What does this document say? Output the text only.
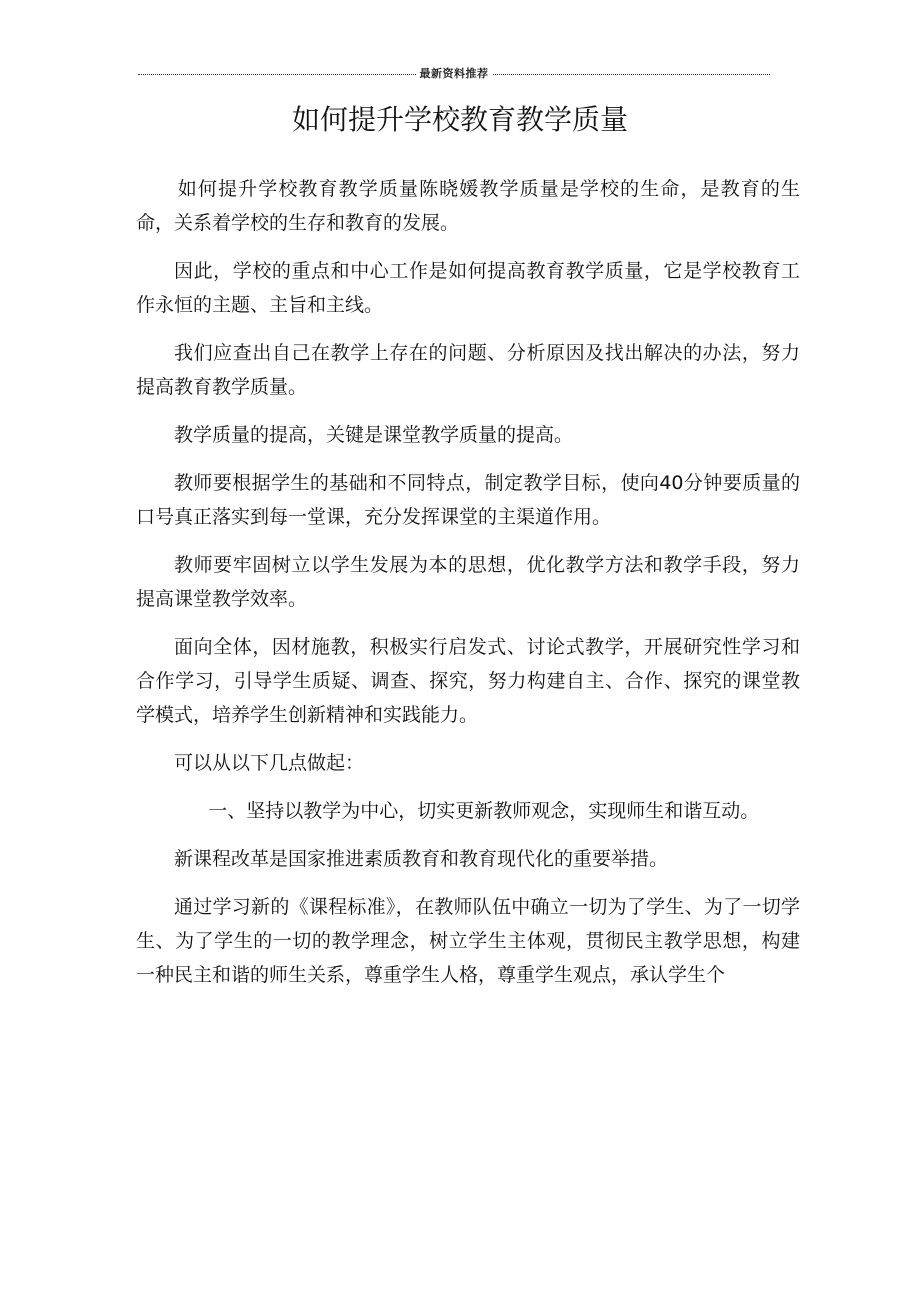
最新资料推荐
如何提升学校教育教学质量

如何提升学校教育教学质量陈晓媛教学质量是学校的生命，是教育的生命，关系着学校的生存和教育的发展。

因此，学校的重点和中心工作是如何提高教育教学质量，它是学校教育工作永恒的主题、主旨和主线。

我们应查出自己在教学上存在的问题、分析原因及找出解决的办法，努力提高教育教学质量。

教学质量的提高，关键是课堂教学质量的提高。

教师要根据学生的基础和不同特点，制定教学目标，使向40分钟要质量的口号真正落实到每一堂课，充分发挥课堂的主渠道作用。

教师要牢固树立以学生发展为本的思想，优化教学方法和教学手段，努力提高课堂教学效率。

面向全体，因材施教，积极实行启发式、讨论式教学，开展研究性学习和合作学习，引导学生质疑、调查、探究，努力构建自主、合作、探究的课堂教学模式，培养学生创新精神和实践能力。

可以从以下几点做起：

一、坚持以教学为中心，切实更新教师观念，实现师生和谐互动。

新课程改革是国家推进素质教育和教育现代化的重要举措。

通过学习新的《课程标准》，在教师队伍中确立一切为了学生、为了一切学生、为了学生的一切的教学理念，树立学生主体观，贯彻民主教学思想，构建一种民主和谐的师生关系，尊重学生人格，尊重学生观点，承认学生个
